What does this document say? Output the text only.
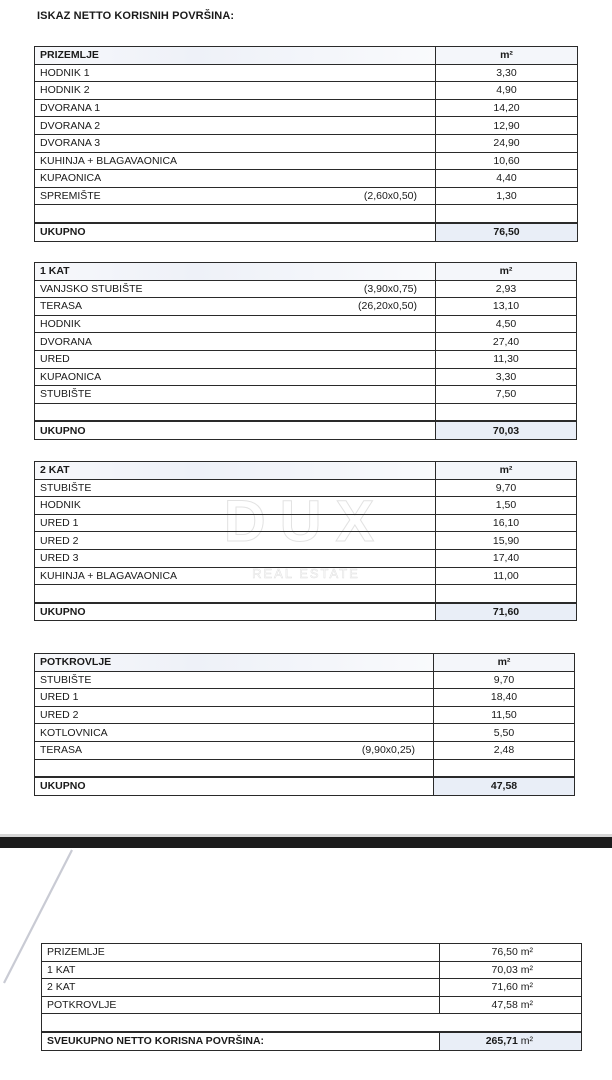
ISKAZ NETTO KORISNIH POVRŠINA:
DUX
REAL ESTATE
PRIZEMLJE	m²
HODNIK 1	3,30
HODNIK 2	4,90
DVORANA 1	14,20
DVORANA 2	12,90
DVORANA 3	24,90
KUHINJA + BLAGAVAONICA	10,60
KUPAONICA	4,40
SPREMIŠTE (2,60x0,50)	1,30

UKUPNO	76,50
1 KAT	m²
VANJSKO STUBIŠTE (3,90x0,75)	2,93
TERASA (26,20x0,50)	13,10
HODNIK	4,50
DVORANA	27,40
URED	11,30
KUPAONICA	3,30
STUBIŠTE	7,50

UKUPNO	70,03
2 KAT	m²
STUBIŠTE	9,70
HODNIK	1,50
URED 1	16,10
URED 2	15,90
URED 3	17,40
KUHINJA + BLAGAVAONICA	11,00

UKUPNO	71,60
POTKROVLJE	m²
STUBIŠTE	9,70
URED 1	18,40
URED 2	11,50
KOTLOVNICA	5,50
TERASA (9,90x0,25)	2,48

UKUPNO	47,58
PRIZEMLJE	76,50 m²
1 KAT	70,03 m²
2 KAT	71,60 m²
POTKROVLJE	47,58 m²

SVEUKUPNO NETTO KORISNA POVRŠINA:	265,71 m²
